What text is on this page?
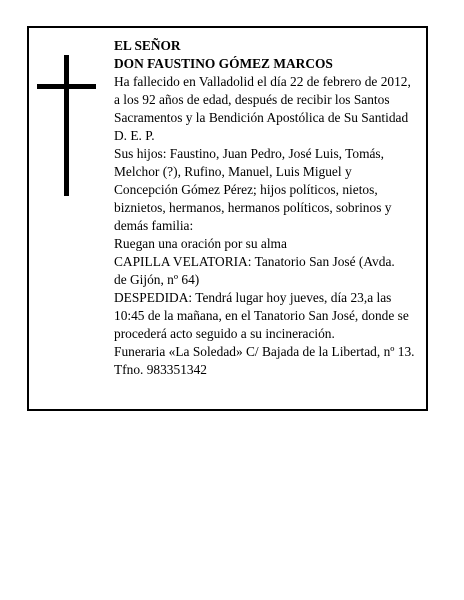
EL SEÑOR

DON FAUSTINO GÓMEZ MARCOS

Ha fallecido en Valladolid el día 22 de febrero de 2012,

a los 92 años de edad, después de recibir los Santos

Sacramentos y la Bendición Apostólica de Su Santidad

D. E. P.

Sus hijos: Faustino, Juan Pedro, José Luis, Tomás,

Melchor (?), Rufino, Manuel, Luis Miguel y

Concepción Gómez Pérez; hijos políticos, nietos,

biznietos, hermanos, hermanos políticos, sobrinos y

demás familia:

Ruegan una oración por su alma

CAPILLA VELATORIA: Tanatorio San José (Avda.

de Gijón, nº 64)

DESPEDIDA: Tendrá lugar hoy jueves, día 23,a las

10:45 de la mañana, en el Tanatorio San José, donde se

procederá acto seguido a su incineración.

Funeraria «La Soledad» C/ Bajada de la Libertad, nº 13.

Tfno. 983351342
